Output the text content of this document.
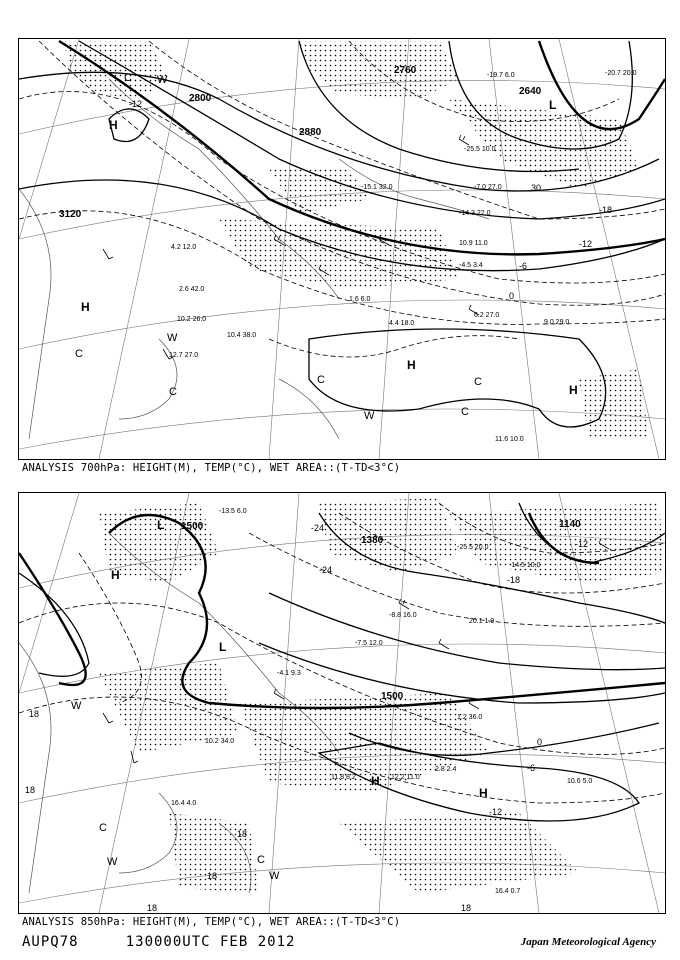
2800
2880
3120
2760
2640
-12
30
-18
-12
-6
0
H
L
C W
H
H
H
C
W
C
C	C
W	C
-19.7 6.0
-25.5 10.0
-15.1 32.0	-7.0 27.0
-14.3 22.0
10.9 11.0
-4.5 3.4
6.2 27.0
9.0 29.0
1.6 6.0
4.4 18.0
10.4 38.0
12.7 27.0
10.2 26.0
2.6 42.0
4.2 12.0
11.6 10.0
-20.7 20.0
ANALYSIS 700hPa: HEIGHT(M), TEMP(°C), WET AREA::(T-TD<3°C)
1500
1380
1140
1500
-24
-24
-12
-18
0
-6
-12
18
18
18
18
18	18
L
H
L
H
H
W
C
W	C
W
-13.5 6.0
-25.5 20.0
-14.5 10.0
-8.8 16.0
-7.5 12.0
-4.1 9.3
1.2 36.0
12.2 11.0
11.8 8.2
2.8 2.4
10.6 5.0
16.4 0.7
10.2 34.0
16.4 4.0
20.1 1.9
ANALYSIS 850hPa: HEIGHT(M), TEMP(°C), WET AREA::(T-TD<3°C)
AUPQ78     130000UTC FEB 2012	Japan Meteorological Agency
